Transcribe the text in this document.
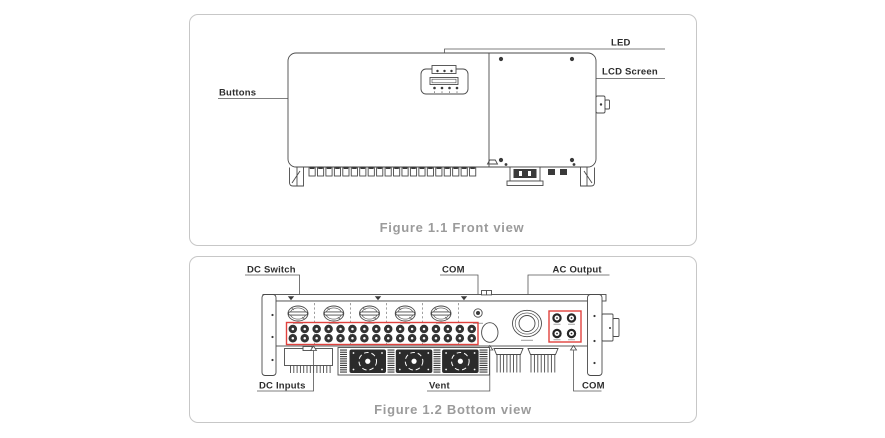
LED
LCD Screen
Buttons
Figure 1.1 Front view
DC Switch	COM	AC Output
DC Inputs	Vent	COM
Figure 1.2 Bottom view
